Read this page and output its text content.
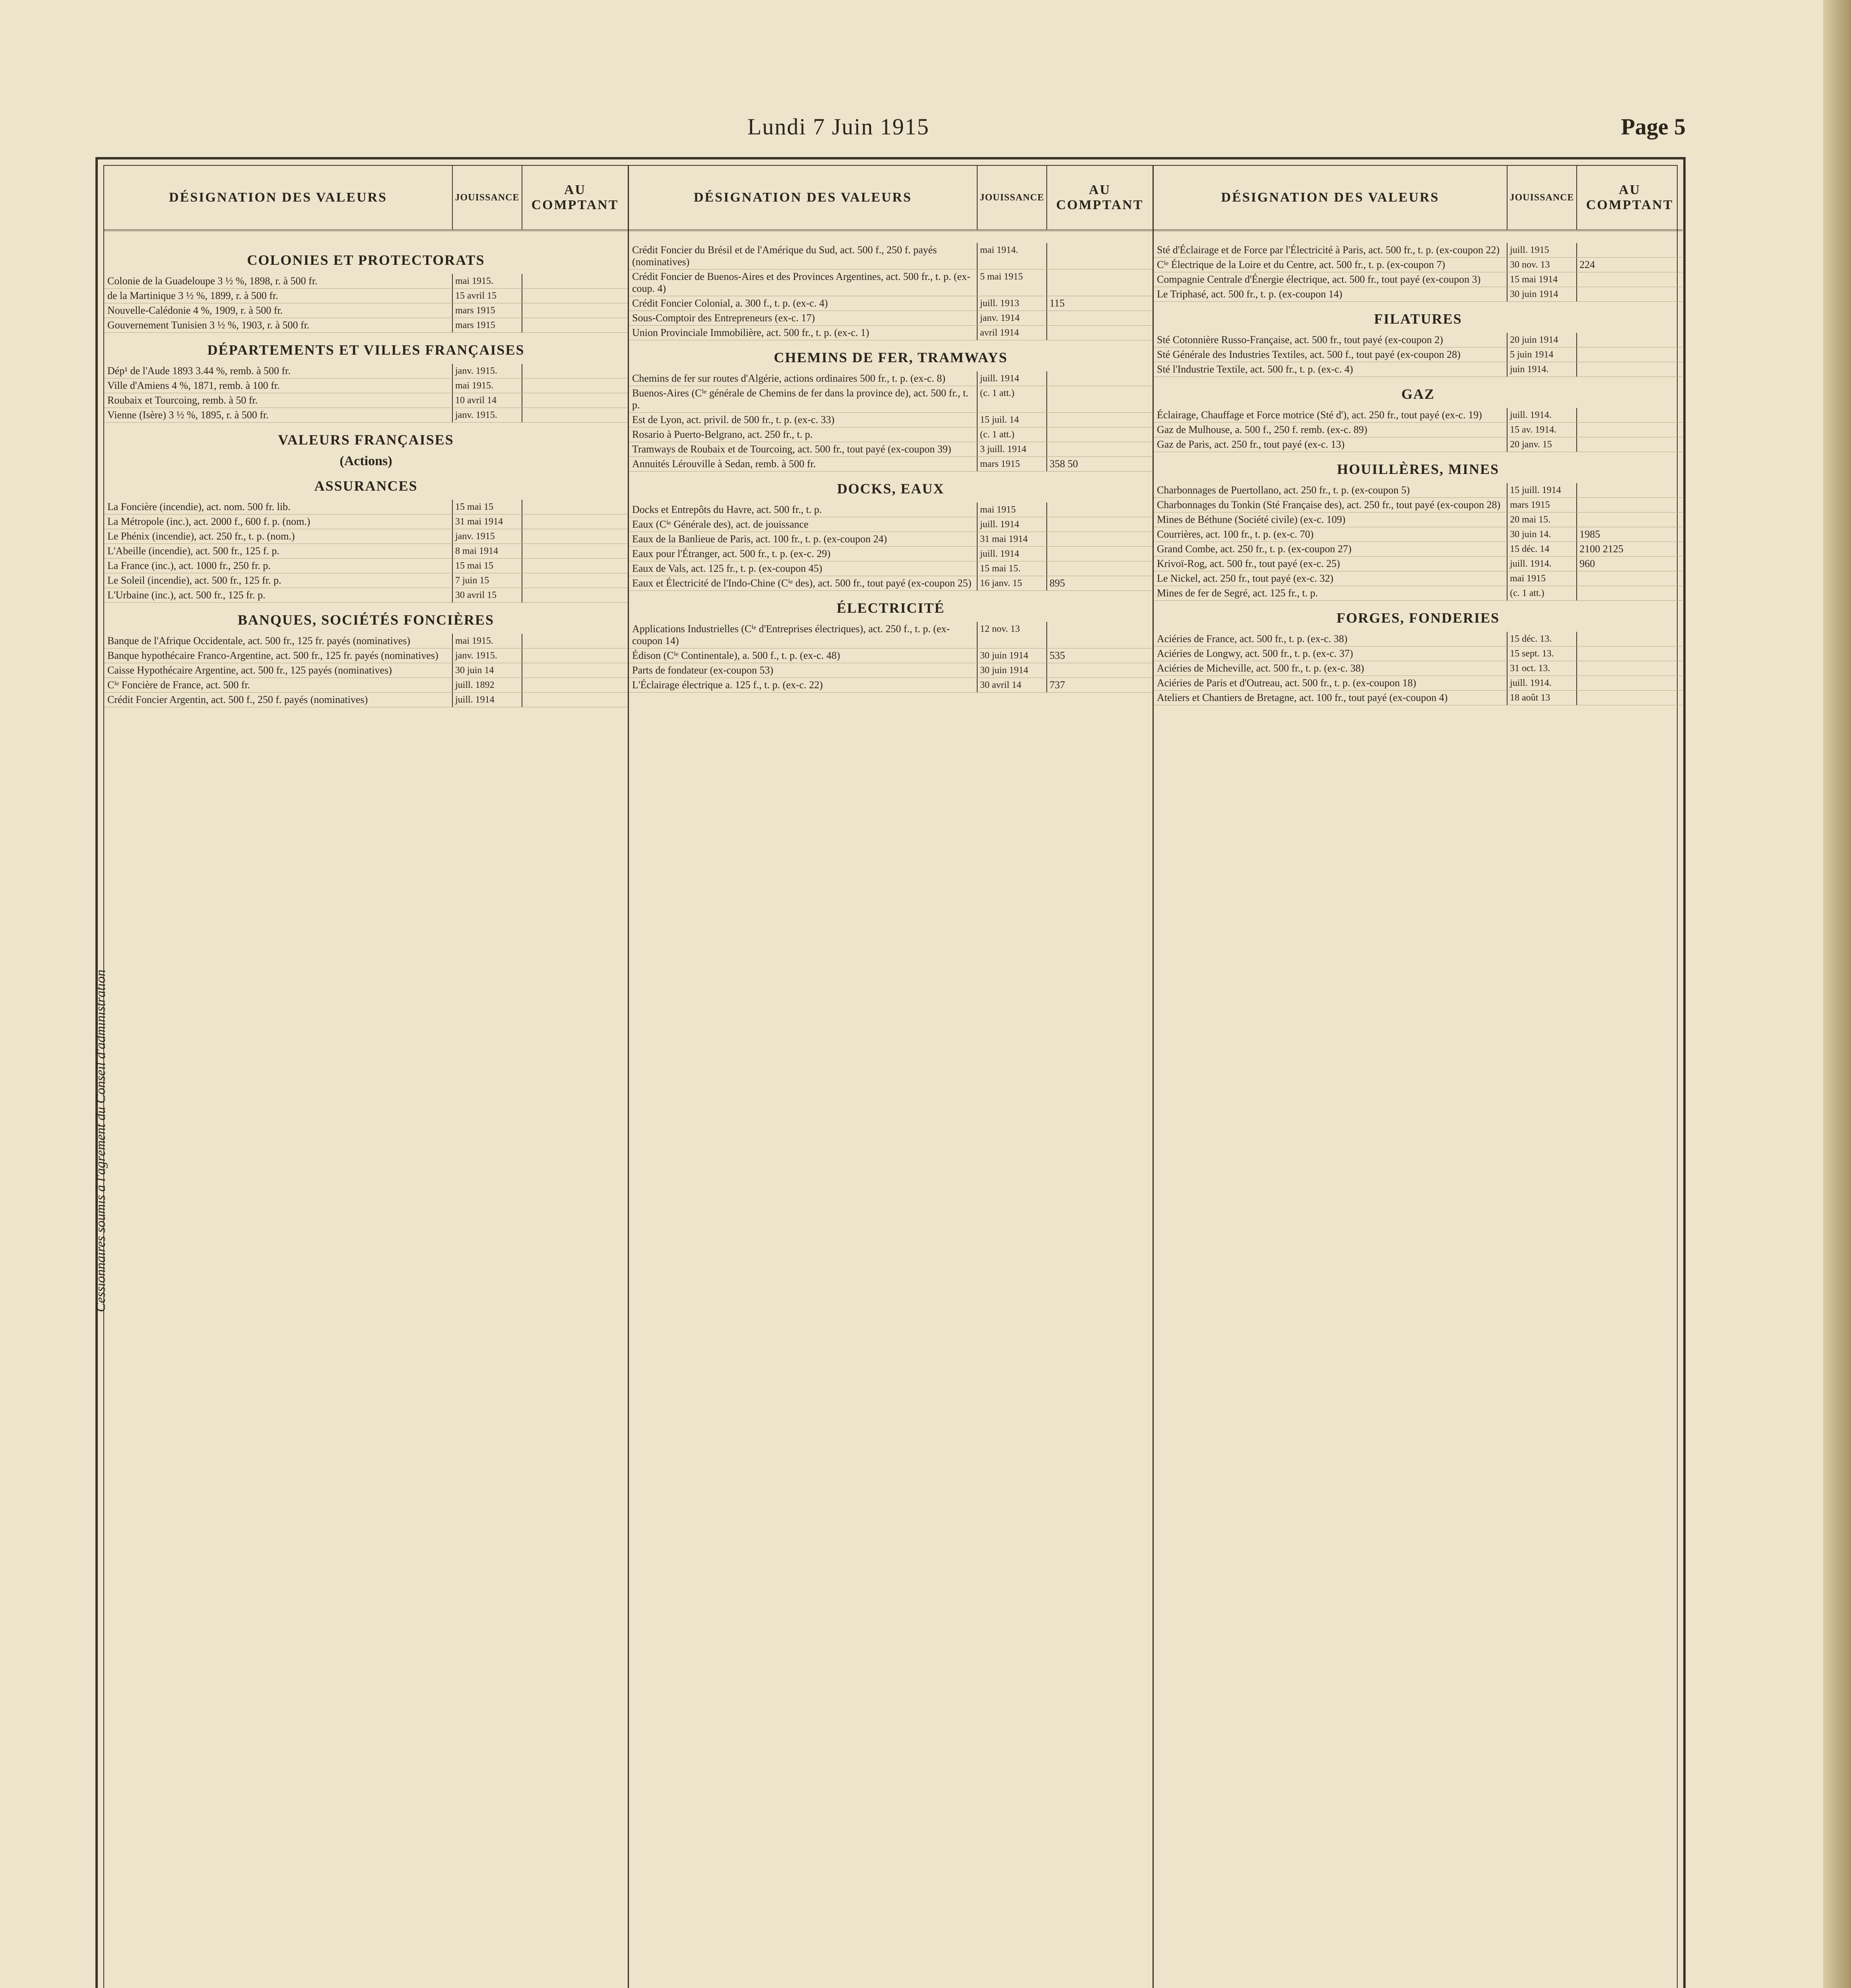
Lundi 7 Juin 1915	Page 5
DÉSIGNATION DES VALEURS	JOUISSANCE
AU COMPTANT
COLONIES ET PROTECTORATS
Colonie de la Guadeloupe 3 ½ %, 1898, r. à 500 fr.	mai 1915.
de la Martinique 3 ½ %, 1899, r. à 500 fr.	15 avril 15
Nouvelle-Calédonie 4 %, 1909, r. à 500 fr.	mars 1915
Gouvernement Tunisien 3 ½ %, 1903, r. à 500 fr.	mars 1915
DÉPARTEMENTS ET VILLES FRANÇAISES
Dép¹ de l'Aude 1893 3.44 %, remb. à 500 fr.	janv. 1915.
Ville d'Amiens 4 %, 1871, remb. à 100 fr.	mai 1915.
Roubaix et Tourcoing, remb. à 50 fr.	10 avril 14
Vienne (Isère) 3 ½ %, 1895, r. à 500 fr.	janv. 1915.
VALEURS FRANÇAISES
(Actions)
ASSURANCES
La Foncière (incendie), act. nom. 500 fr. lib.	15 mai 15
La Métropole (inc.), act. 2000 f., 600 f. p. (nom.)	31 mai 1914
Le Phénix (incendie), act. 250 fr., t. p. (nom.)	janv. 1915
L'Abeille (incendie), act. 500 fr., 125 f. p.	8 mai 1914
La France (inc.), act. 1000 fr., 250 fr. p.	15 mai 15
Le Soleil (incendie), act. 500 fr., 125 fr. p.	7 juin 15
L'Urbaine (inc.), act. 500 fr., 125 fr. p.	30 avril 15
BANQUES, SOCIÉTÉS FONCIÈRES
Banque de l'Afrique Occidentale, act. 500 fr., 125 fr. payés (nominatives)	mai 1915.
Banque hypothécaire Franco-Argentine, act. 500 fr., 125 fr. payés (nominatives)	janv. 1915.
Caisse Hypothécaire Argentine, act. 500 fr., 125 payés (nominatives)	30 juin 14
Cⁱᵉ Foncière de France, act. 500 fr.	juill. 1892
Crédit Foncier Argentin, act. 500 f., 250 f. payés (nominatives)	juill. 1914
DÉSIGNATION DES VALEURS	JOUISSANCE
AU COMPTANT
Crédit Foncier du Brésil et de l'Amérique du Sud, act. 500 f., 250 f. payés (nominatives)
mai 1914.
Crédit Foncier de Buenos-Aires et des Provinces Argentines, act. 500 fr., t. p. (ex-coup. 4)
5 mai 1915
Crédit Foncier Colonial, a. 300 f., t. p. (ex-c. 4)	juill. 1913	115
Sous-Comptoir des Entrepreneurs (ex-c. 17)	janv. 1914
Union Provinciale Immobilière, act. 500 fr., t. p. (ex-c. 1)	avril 1914
CHEMINS DE FER, TRAMWAYS
Chemins de fer sur routes d'Algérie, actions ordinaires 500 fr., t. p. (ex-c. 8)	juill. 1914
Buenos-Aires (Cⁱᵉ générale de Chemins de fer dans la province de), act. 500 fr., t. p.
(c. 1 att.)
Est de Lyon, act. privil. de 500 fr., t. p. (ex-c. 33)	15 juil. 14
Rosario à Puerto-Belgrano, act. 250 fr., t. p.	(c. 1 att.)
Tramways de Roubaix et de Tourcoing, act. 500 fr., tout payé (ex-coupon 39)	3 juill. 1914
Annuités Lérouville à Sedan, remb. à 500 fr.	mars 1915	358 50
DOCKS, EAUX
Docks et Entrepôts du Havre, act. 500 fr., t. p.	mai 1915
Eaux (Cⁱᵉ Générale des), act. de jouissance	juill. 1914
Eaux de la Banlieue de Paris, act. 100 fr., t. p. (ex-coupon 24)	31 mai 1914
Eaux pour l'Étranger, act. 500 fr., t. p. (ex-c. 29)	juill. 1914
Eaux de Vals, act. 125 fr., t. p. (ex-coupon 45)	15 mai 15.
Eaux et Électricité de l'Indo-Chine (Cⁱᵉ des), act. 500 fr., tout payé (ex-coupon 25) 16 janv. 15	895
ÉLECTRICITÉ
Applications Industrielles (Cⁱᵉ d'Entreprises électriques), act. 250 f., t. p. (ex-coupon 14)
12 nov. 13
Édison (Cⁱᵉ Continentale), a. 500 f., t. p. (ex-c. 48)	30 juin 1914	535
Parts de fondateur (ex-coupon 53)	30 juin 1914
L'Éclairage électrique a. 125 f., t. p. (ex-c. 22)	30 avril 14	737
DÉSIGNATION DES VALEURS	JOUISSANCE
AU COMPTANT
Sté d'Éclairage et de Force par l'Électricité à Paris, act. 500 fr., t. p. (ex-coupon 22)	juill. 1915
Cⁱᵉ Électrique de la Loire et du Centre, act. 500 fr., t. p. (ex-coupon 7)	30 nov. 13	224
Compagnie Centrale d'Énergie électrique, act. 500 fr., tout payé (ex-coupon 3)	15 mai 1914
Le Triphasé, act. 500 fr., t. p. (ex-coupon 14)	30 juin 1914
FILATURES
Sté Cotonnière Russo-Française, act. 500 fr., tout payé (ex-coupon 2)	20 juin 1914
Sté Générale des Industries Textiles, act. 500 f., tout payé (ex-coupon 28)	5 juin 1914
Sté l'Industrie Textile, act. 500 fr., t. p. (ex-c. 4)	juin 1914.
GAZ
Éclairage, Chauffage et Force motrice (Sté d'), act. 250 fr., tout payé (ex-c. 19)	juill. 1914.
Gaz de Mulhouse, a. 500 f., 250 f. remb. (ex-c. 89)	15 av. 1914.
Gaz de Paris, act. 250 fr., tout payé (ex-c. 13)	20 janv. 15
HOUILLÈRES, MINES
Charbonnages de Puertollano, act. 250 fr., t. p. (ex-coupon 5)	15 juill. 1914
Charbonnages du Tonkin (Sté Française des), act. 250 fr., tout payé (ex-coupon 28) mars 1915
Mines de Béthune (Société civile) (ex-c. 109)	20 mai 15.
Courrières, act. 100 fr., t. p. (ex-c. 70)	30 juin 14.	1985
Grand Combe, act. 250 fr., t. p. (ex-coupon 27)	15 déc. 14	2100 2125
Krivoï-Rog, act. 500 fr., tout payé (ex-c. 25)	juill. 1914.	960
Le Nickel, act. 250 fr., tout payé (ex-c. 32)	mai 1915
Mines de fer de Segré, act. 125 fr., t. p.	(c. 1 att.)
FORGES, FONDERIES
Aciéries de France, act. 500 fr., t. p. (ex-c. 38)	15 déc. 13.
Aciéries de Longwy, act. 500 fr., t. p. (ex-c. 37)	15 sept. 13.
Aciéries de Micheville, act. 500 fr., t. p. (ex-c. 38)	31 oct. 13.
Aciéries de Paris et d'Outreau, act. 500 fr., t. p. (ex-coupon 18)	juill. 1914.
Ateliers et Chantiers de Bretagne, act. 100 fr., tout payé (ex-coupon 4)	18 août 13
Cessionnaires soumis à l'agrément du Conseil d'administration
